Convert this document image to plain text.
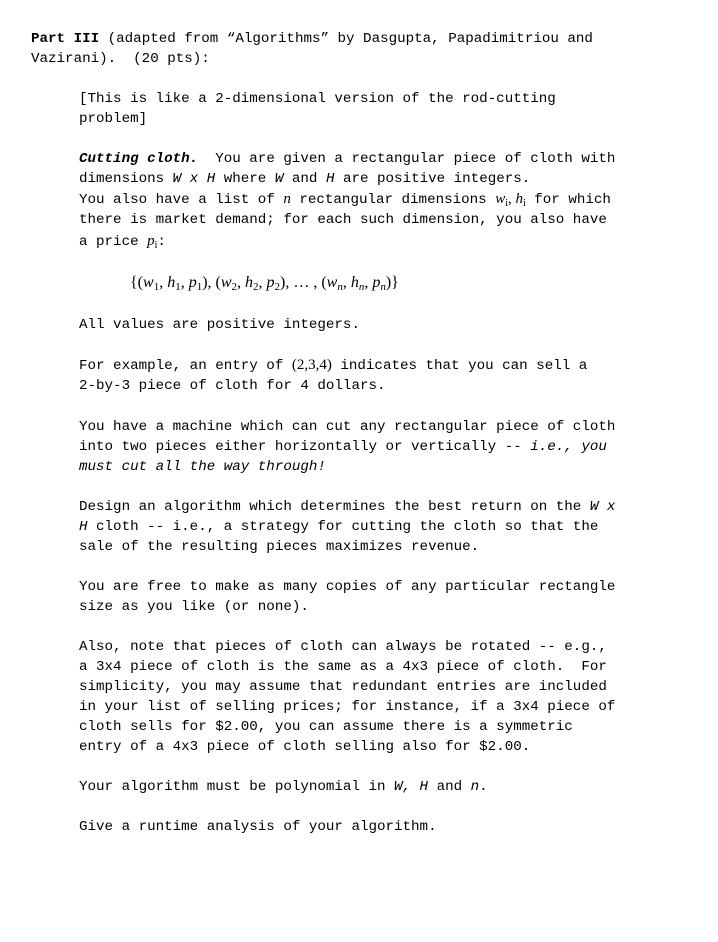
Part III (adapted from “Algorithms” by Dasgupta, Papadimitriou and
Vazirani).  (20 pts):
[This is like a 2-dimensional version of the rod-cutting
problem]
Cutting cloth.  You are given a rectangular piece of cloth with
dimensions W x H where W and H are positive integers.
You also have a list of n rectangular dimensions $w_i$, $h_i$ for which
there is market demand; for each such dimension, you also have
a price $p_i$:
{($w_1$, $h_1$, $p_1$), ($w_2$, $h_2$, $p_2$), … , ($w_n$, $h_n$, $p_n$)}
All values are positive integers.
For example, an entry of (2,3,4) indicates that you can sell a
2-by-3 piece of cloth for 4 dollars.
You have a machine which can cut any rectangular piece of cloth
into two pieces either horizontally or vertically -- i.e., you
must cut all the way through!
Design an algorithm which determines the best return on the W x
H cloth -- i.e., a strategy for cutting the cloth so that the
sale of the resulting pieces maximizes revenue.
You are free to make as many copies of any particular rectangle
size as you like (or none).
Also, note that pieces of cloth can always be rotated -- e.g.,
a 3x4 piece of cloth is the same as a 4x3 piece of cloth.  For
simplicity, you may assume that redundant entries are included
in your list of selling prices; for instance, if a 3x4 piece of
cloth sells for $2.00, you can assume there is a symmetric
entry of a 4x3 piece of cloth selling also for $2.00.
Your algorithm must be polynomial in W, H and n.
Give a runtime analysis of your algorithm.
